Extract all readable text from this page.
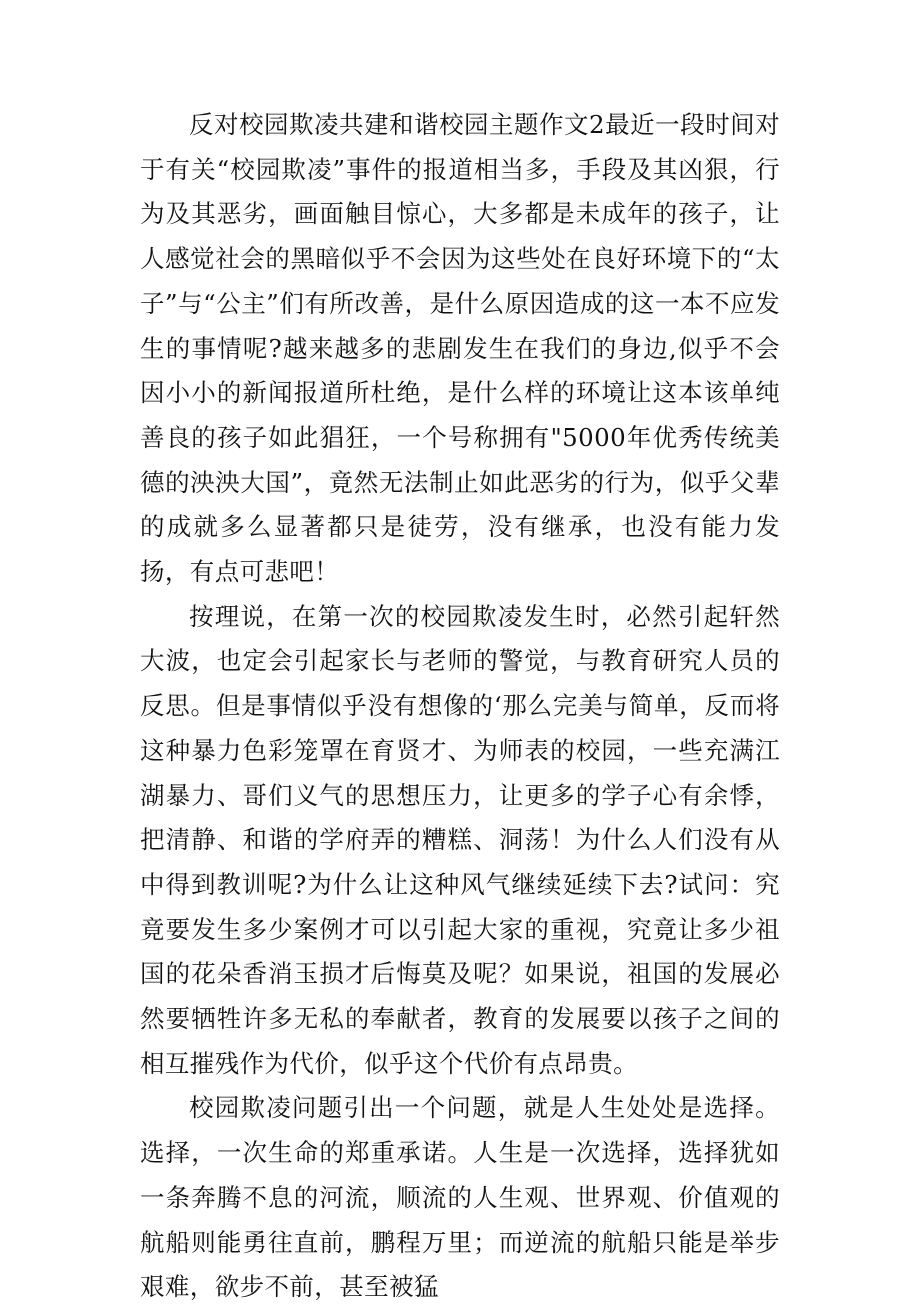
反对校园欺凌共建和谐校园主题作文2最近一段时间对于有关“校园欺凌”事件的报道相当多，手段及其凶狠，行为及其恶劣，画面触目惊心，大多都是未成年的孩子，让人感觉社会的黑暗似乎不会因为这些处在良好环境下的“太子”与“公主”们有所改善，是什么原因造成的这一本不应发生的事情呢?越来越多的悲剧发生在我们的身边,似乎不会因小小的新闻报道所杜绝，是什么样的环境让这本该单纯善良的孩子如此猖狂，一个号称拥有"5000年优秀传统美德的泱泱大国”，竟然无法制止如此恶劣的行为，似乎父辈的成就多么显著都只是徒劳，没有继承，也没有能力发扬，有点可悲吧！

按理说，在第一次的校园欺凌发生时，必然引起轩然大波，也定会引起家长与老师的警觉，与教育研究人员的反思。但是事情似乎没有想像的‘那么完美与简单，反而将这种暴力色彩笼罩在育贤才、为师表的校园，一些充满江湖暴力、哥们义气的思想压力，让更多的学子心有余悸，把清静、和谐的学府弄的糟糕、洞荡！为什么人们没有从中得到教训呢?为什么让这种风气继续延续下去?试问：究竟要发生多少案例才可以引起大家的重视，究竟让多少祖国的花朵香消玉损才后悔莫及呢？如果说，祖国的发展必然要牺牲许多无私的奉献者，教育的发展要以孩子之间的相互摧残作为代价，似乎这个代价有点昂贵。

校园欺凌问题引出一个问题，就是人生处处是选择。选择，一次生命的郑重承诺。人生是一次选择，选择犹如一条奔腾不息的河流，顺流的人生观、世界观、价值观的航船则能勇往直前，鹏程万里；而逆流的航船只能是举步艰难，欲步不前，甚至被猛
